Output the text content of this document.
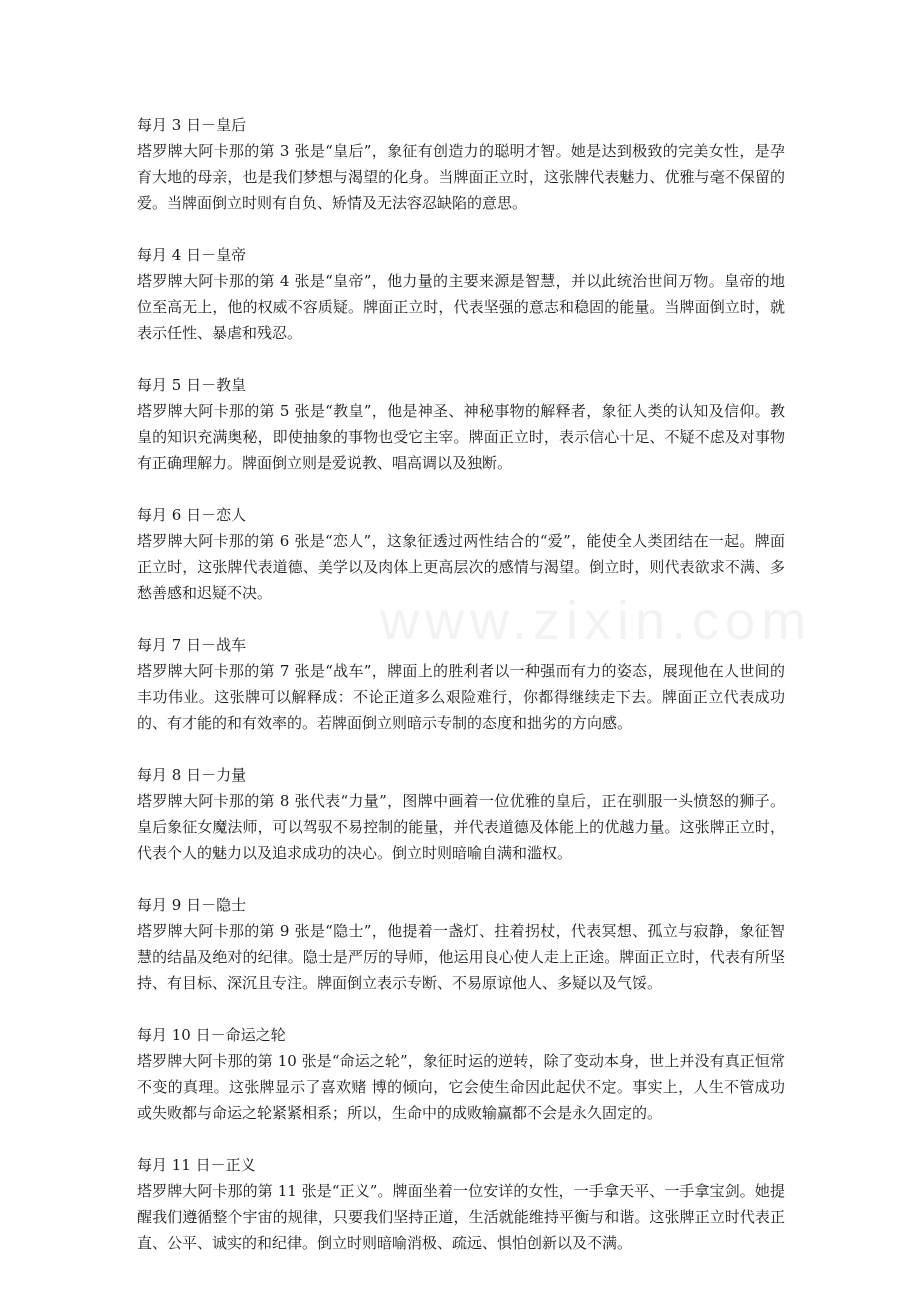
www.zixin.com

每月 3 日－皇后

塔罗牌大阿卡那的第 3 张是“皇后”，象征有创造力的聪明才智。她是达到极致的完美女性，是孕育大地的母亲，也是我们梦想与渴望的化身。当牌面正立时，这张牌代表魅力、优雅与毫不保留的爱。当牌面倒立时则有自负、矫情及无法容忍缺陷的意思。

每月 4 日－皇帝

塔罗牌大阿卡那的第 4 张是“皇帝”，他力量的主要来源是智慧，并以此统治世间万物。皇帝的地位至高无上，他的权威不容质疑。牌面正立时，代表坚强的意志和稳固的能量。当牌面倒立时，就表示任性、暴虐和残忍。

每月 5 日－教皇

塔罗牌大阿卡那的第 5 张是“教皇”，他是神圣、神秘事物的解释者，象征人类的认知及信仰。教皇的知识充满奥秘，即使抽象的事物也受它主宰。牌面正立时，表示信心十足、不疑不虑及对事物有正确理解力。牌面倒立则是爱说教、唱高调以及独断。

每月 6 日－恋人

塔罗牌大阿卡那的第 6 张是“恋人”，这象征透过两性结合的“爱”，能使全人类团结在一起。牌面正立时，这张牌代表道德、美学以及肉体上更高层次的感情与渴望。倒立时，则代表欲求不满、多愁善感和迟疑不决。

每月 7 日－战车

塔罗牌大阿卡那的第 7 张是“战车”，牌面上的胜利者以一种强而有力的姿态，展现他在人世间的丰功伟业。这张牌可以解释成：不论正道多么艰险难行，你都得继续走下去。牌面正立代表成功的、有才能的和有效率的。若牌面倒立则暗示专制的态度和拙劣的方向感。

每月 8 日－力量

塔罗牌大阿卡那的第 8 张代表“力量”，图牌中画着一位优雅的皇后，正在驯服一头愤怒的狮子。皇后象征女魔法师，可以驾驭不易控制的能量，并代表道德及体能上的优越力量。这张牌正立时，代表个人的魅力以及追求成功的决心。倒立时则暗喻自满和滥权。

每月 9 日－隐士

塔罗牌大阿卡那的第 9 张是“隐士”，他提着一盏灯、拄着拐杖，代表冥想、孤立与寂静，象征智慧的结晶及绝对的纪律。隐士是严厉的导师，他运用良心使人走上正途。牌面正立时，代表有所坚持、有目标、深沉且专注。牌面倒立表示专断、不易原谅他人、多疑以及气馁。

每月 10 日－命运之轮

塔罗牌大阿卡那的第 10 张是“命运之轮”，象征时运的逆转，除了变动本身，世上并没有真正恒常不变的真理。这张牌显示了喜欢赌 博的倾向，它会使生命因此起伏不定。事实上，人生不管成功或失败都与命运之轮紧紧相系；所以，生命中的成败输赢都不会是永久固定的。

每月 11 日－正义

塔罗牌大阿卡那的第 11 张是“正义”。牌面坐着一位安详的女性，一手拿天平、一手拿宝剑。她提醒我们遵循整个宇宙的规律，只要我们坚持正道，生活就能维持平衡与和谐。这张牌正立时代表正直、公平、诚实的和纪律。倒立时则暗喻消极、疏远、惧怕创新以及不满。
